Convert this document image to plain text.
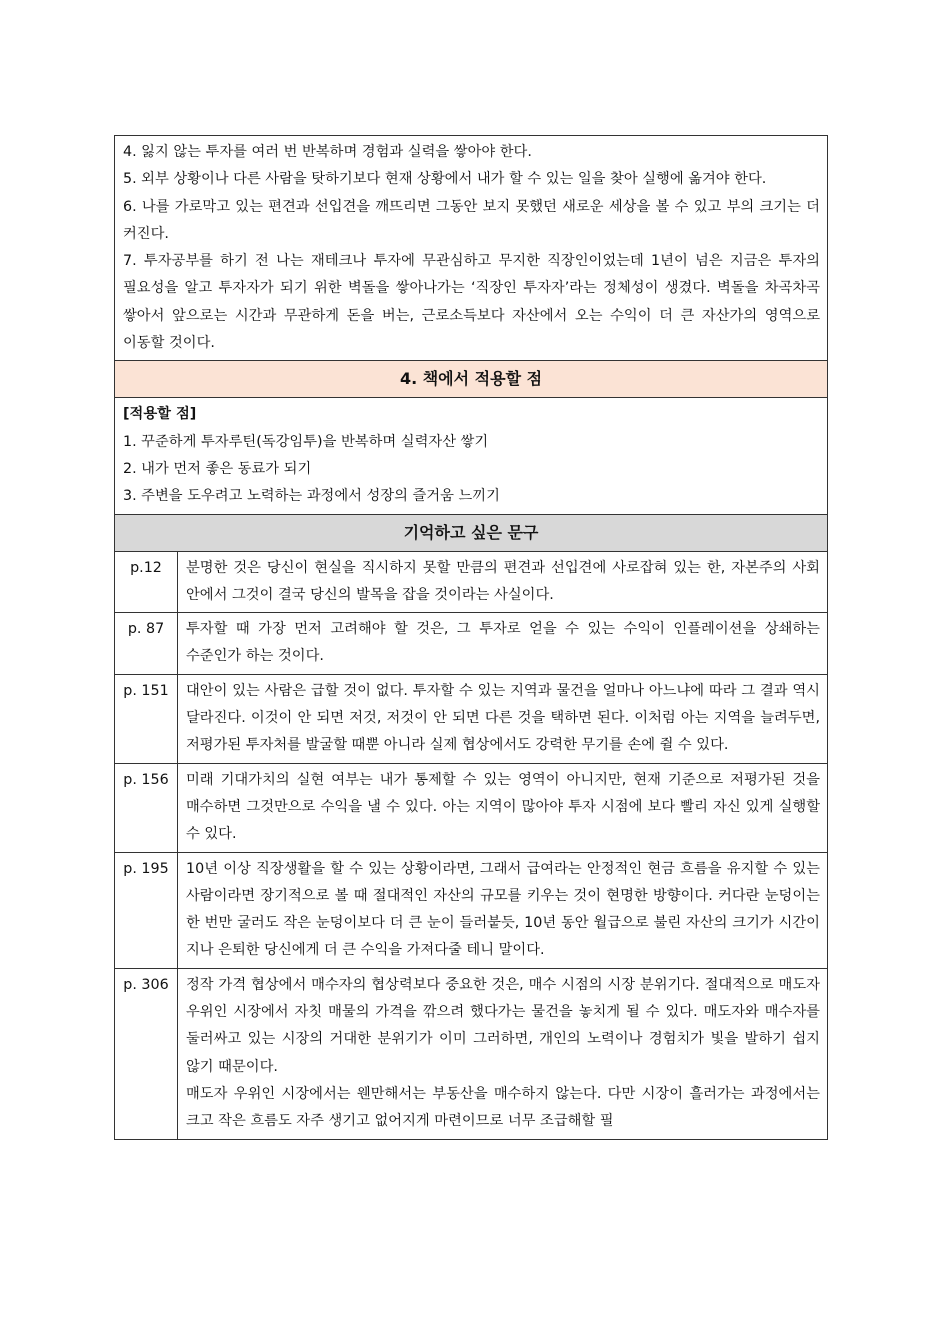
4. 잃지 않는 투자를 여러 번 반복하며 경험과 실력을 쌓아야 한다.

5. 외부 상황이나 다른 사람을 탓하기보다 현재 상황에서 내가 할 수 있는 일을 찾아 실행에 옮겨야 한다.

6. 나를 가로막고 있는 편견과 선입견을 깨뜨리면 그동안 보지 못했던 새로운 세상을 볼 수 있고 부의 크기는 더 커진다.

7. 투자공부를 하기 전 나는 재테크나 투자에 무관심하고 무지한 직장인이었는데 1년이 넘은 지금은 투자의 필요성을 알고 투자자가 되기 위한 벽돌을 쌓아나가는 ‘직장인 투자자’라는 정체성이 생겼다. 벽돌을 차곡차곡 쌓아서 앞으로는 시간과 무관하게 돈을 버는, 근로소득보다 자산에서 오는 수익이 더 큰 자산가의 영역으로 이동할 것이다.	

4. 책에서 적용할 점	

[적용할 점]

1. 꾸준하게 투자루틴(독강임투)을 반복하며 실력자산 쌓기

2. 내가 먼저 좋은 동료가 되기

3. 주변을 도우려고 노력하는 과정에서 성장의 즐거움 느끼기	

기억하고 싶은 문구	
p.12	분명한 것은 당신이 현실을 직시하지 못할 만큼의 편견과 선입견에 사로잡혀 있는 한, 자본주의 사회 안에서 그것이 결국 당신의 발목을 잡을 것이라는 사실이다.

p. 87	투자할 때 가장 먼저 고려해야 할 것은, 그 투자로 얻을 수 있는 수익이 인플레이션을 상쇄하는 수준인가 하는 것이다.

p. 151	대안이 있는 사람은 급할 것이 없다. 투자할 수 있는 지역과 물건을 얼마나 아느냐에 따라 그 결과 역시 달라진다. 이것이 안 되면 저것, 저것이 안 되면 다른 것을 택하면 된다. 이처럼 아는 지역을 늘려두면, 저평가된 투자처를 발굴할 때뿐 아니라 실제 협상에서도 강력한 무기를 손에 쥘 수 있다.

p. 156	미래 기대가치의 실현 여부는 내가 통제할 수 있는 영역이 아니지만, 현재 기준으로 저평가된 것을 매수하면 그것만으로 수익을 낼 수 있다. 아는 지역이 많아야 투자 시점에 보다 빨리 자신 있게 실행할 수 있다.

p. 195	10년 이상 직장생활을 할 수 있는 상황이라면, 그래서 급여라는 안정적인 현금 흐름을 유지할 수 있는 사람이라면 장기적으로 볼 때 절대적인 자산의 규모를 키우는 것이 현명한 방향이다. 커다란 눈덩이는 한 번만 굴러도 작은 눈덩이보다 더 큰 눈이 들러붙듯, 10년 동안 월급으로 불린 자산의 크기가 시간이 지나 은퇴한 당신에게 더 큰 수익을 가져다줄 테니 말이다.

p. 306	정작 가격 협상에서 매수자의 협상력보다 중요한 것은, 매수 시점의 시장 분위기다. 절대적으로 매도자 우위인 시장에서 자칫 매물의 가격을 깎으려 했다가는 물건을 놓치게 될 수 있다. 매도자와 매수자를 둘러싸고 있는 시장의 거대한 분위기가 이미 그러하면, 개인의 노력이나 경험치가 빛을 발하기 쉽지 않기 때문이다.

매도자 우위인 시장에서는 웬만해서는 부동산을 매수하지 않는다. 다만 시장이 흘러가는 과정에서는 크고 작은 흐름도 자주 생기고 없어지게 마련이므로 너무 조급해할 필
